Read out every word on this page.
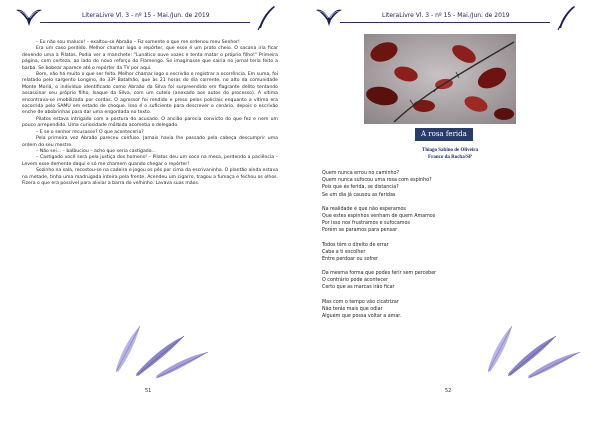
LiteraLivre Vl. 3 - nº 15 - Mai./Jun. de 2019

– Eu não sou maluco! – exaltou-se Abraão – Fiz somente o que me ordenou meu Senhor!

Era um caso perdido. Melhor chamar logo o repórter, que esse é um prato cheio. O sacana iria ficar devendo uma à Pilatos. Podia ver a manchete: "Lunático ouve vozes e tenta matar o próprio filho!" Primeira página, com certeza, ao lado do novo reforço do Flamengo. Se imaginasse que sairia no jornal teria feito a barba. Se bobear aparece até o repórter da TV por aqui.

Bom, não há muito o que ser feito. Melhor chamar logo o escrivão e registrar a ocorrência. Em suma, foi relatado pelo sargento Longino, do 33º Batalhão, que às 21 horas do dia corrente, no alto da comunidade Monte Moriá, o indivíduo identificado como Abraão da Silva foi surpreendido em flagrante delito tentando assassinar seu próprio filho, Isaque da Silva, com um cutelo (anexado aos autos do processo). A vítima encontrava-se imobilizada por cordas. O agressor foi rendido e preso pelos policiais enquanto a vítima era socorrida pelo SAMU em estado de choque. Isso é o suficiente para descrever o cenário, depois o escrivão enche de abobrinhas para dar uma engordada no texto.

Pilatos estava intrigado com a postura do acusado. O ancião parecia convicto do que fez e nem um pouco arrependido. Uma curiosidade mórbida acometia o delegado.

– E se o senhor recusasse? O que aconteceria?

Pela primeira vez Abraão pareceu confuso. Jamais havia lhe passado pela cabeça descumprir uma ordem do seu mestre.

– Não sei... – balbuciou – acho que seria castigado...

– Castigado você será pela justiça dos homens! – Pilatos deu um soco na mesa, perdendo a paciência – Levem esse demente daqui e só me chamem quando chegar o repórter!

Sozinho na sala, recostou-se na cadeira e jogou os pés por cima da escrivaninha. O plantão ainda estava na metade, tinha uma madrugada inteira pela frente. Acendeu um cigarro, tragou a fumaça e fechou os olhos. Fizera o que era possível para aliviar a barra do velhinho. Lavava suas mãos.

51
LiteraLivre Vl. 3 - nº 15 - Mai./Jun. de 2019
A rosa ferida
Thiago Sabino de Oliveira
Franco da Rocha/SP
Quem nunca errou no caminho?
Quem nunca sufocou uma rosa com espinho?
Pois que és ferida, se distancia?
Se um dia já causou as feridas
Na realidade é que não esperamos
Que estes espinhos venham de quem Amamos
Por isso nos frustramos e sufocamos
Porém se paramos para pensar
Todos têm o direito de errar
Cabe a ti escolher
Entre perdoar ou sofrer
Da mesma forma que podes ferir sem perceber
O contrário pode acontecer
Certo que as marcas irão ficar
Mas com o tempo vão cicatrizar
Não terás mais que odiar
Alguém que possa voltar a amar.
52
